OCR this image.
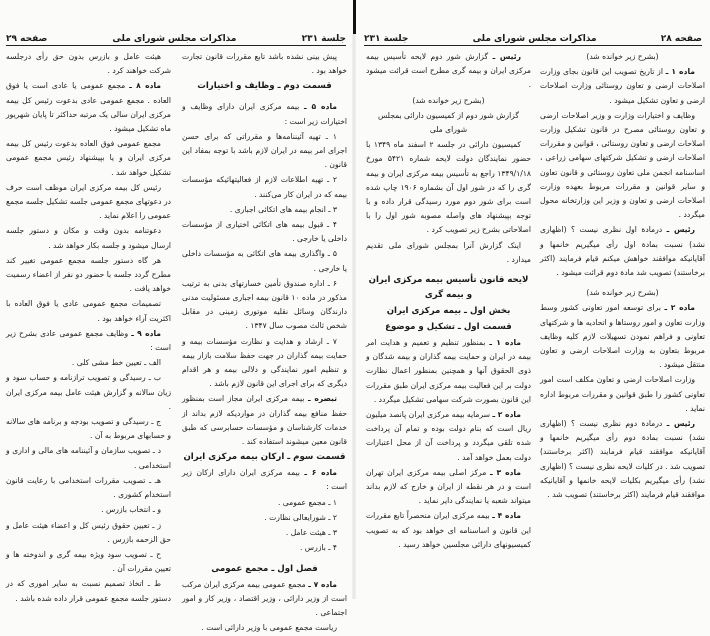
جلسة ۲۳۱
مذاکرات مجلس شورای ملی
صفحه ۲۹

پیش بینی نشده باشد تابع مقررات قانون تجارت خواهد بود .

قسمت دوم ـ وظایف و اختیارات

ماده ۵ ـ بیمه مرکزی ایران دارای وظایف و اختیارات زیر است :

۱ ـ تهیه آئیننامه‌ها و مقرراتی که برای حسن اجرای امر بیمه در ایران لازم باشد با توجه بمفاد این قانون .

۲ ـ تهیه اطلاعات لازم از فعالیتهائیکه مؤسسات بیمه که در ایران کار می‌کنند .

۳ ـ انجام بیمه های اتکائی اجباری .

۴ ـ قبول بیمه های اتکائی اختیاری از مؤسسات داخلی یا خارجی .

۵ ـ واگذاری بیمه های اتکائی به مؤسسات داخلی یا خارجی .

۶ ـ اداره صندوق تأمین خسارتهای بدنی به ترتیب مذکور در ماده ۱۰ قانون بیمه اجباری مسئولیت مدنی دارندگان وسائل نقلیه موتوری زمینی در مقابل شخص ثالث مصوب سال ۱۳۴۷ .

۷ ـ ارشاد و هدایت و نظارت مؤسسات بیمه و حمایت بیمه گذاران در جهت حفظ سلامت بازار بیمه و تنظیم امور نمایندگی و دلالی بیمه و هر اقدام دیگری که برای اجرای این قانون لازم باشد .

تبصره ـ بیمه مرکزی ایران مجاز است بمنظور حفظ منافع بیمه گذاران در مواردیکه لازم بداند از خدمات کارشناسان و مؤسسات حسابرسی که طبق قانون معین میشوند استفاده کند .

قسمت سوم ـ ارکان بیمه مرکزی ایران

ماده ۶ ـ بیمه مرکزی ایران دارای ارکان زیر است :

۱ ـ مجمع عمومی .

۲ ـ شورایعالی نظارت .

۳ ـ هیئت عامل .

۴ ـ بازرس .

فصل اول ـ مجمع عمومی

ماده ۷ ـ مجمع عمومی بیمه مرکزی ایران مرکب است از وزیر دارائی ، وزیر اقتصاد ، وزیر کار و امور اجتماعی .

ریاست مجمع عمومی با وزیر دارائی است .

هیئت عامل و بازرس بدون حق رأی درجلسه شرکت خواهند کرد .

ماده ۸ ـ مجمع عمومی یا عادی است یا فوق العاده . مجمع عمومی عادی بدعوت رئیس کل بیمه مرکزی ایران سالی یک مرتبه حداکثر تا پایان شهریور ماه تشکیل میشود .

مجمع عمومی فوق العاده بدعوت رئیس کل بیمه مرکزی ایران و یا بپیشنهاد رئیس مجمع عمومی تشکیل خواهد شد .

رئیس کل بیمه مرکزی ایران موظف است حرف در دعوتهای مجمع عمومی جلسه تشکیل جلسه مجمع عمومی را اعلام نماید .

دعوتنامه بدون وقت و مکان و دستور جلسه ارسال میشود و جلسه بکار خواهد شد .

هر گاه دستور جلسه مجمع عمومی تغییر کند مطرح گردد جلسه با حضور دو نفر از اعضاء رسمیت خواهد یافت .

تصمیمات مجمع عمومی عادی یا فوق العاده با اکثریت آراء خواهد بود .

ماده ۹ ـ وظایف مجمع عمومی عادی بشرح زیر است :

الف ـ تعیین خط مشی کلی .

ب ـ رسیدگی و تصویب ترازنامه و حساب سود و زیان سالانه و گزارش هیئت عامل بیمه مرکزی ایران .

ج ـ رسیدگی و تصویب بودجه و برنامه های سالانه و حسابهای مربوط به آن .

د ـ تصویب سازمان و آئیننامه های مالی و اداری و استخدامی .

هـ ـ تصویب مقررات استخدامی با رعایت قانون استخدام کشوری .

و ـ انتخاب بازرس .

ز ـ تعیین حقوق رئیس کل و اعضاء هیئت عامل و حق الزحمه بازرس .

ح ـ تصویب سود ویژه بیمه گری و اندوخته ها و تعیین مقررات آن .

ط ـ اتخاذ تصمیم نسبت به سایر اموری که در دستور جلسه مجمع عمومی قرار داده شده باشد .

صفحه ۲۸
مذاکرات مجلس شورای ملی
جلسة ۲۳۱

(بشرح زیر خوانده شد)

ماده ۱ ـ از تاریخ تصویب این قانون بجای وزارت اصلاحات ارضی و تعاون روستائی وزارت اصلاحات ارضی و تعاون تشکیل میشود .

وظایف و اختیارات وزارت و وزیر اصلاحات ارضی و تعاون روستائی مصرح در قانون تشکیل وزارت اصلاحات ارضی و تعاون روستائی ، قوانین و مقررات اصلاحات ارضی و تشکیل شرکتهای سهامی زراعی ، اساسنامه انجمن ملی تعاون روستائی و قانون تعاون و سایر قوانین و مقررات مربوط بعهده وزارت اصلاحات ارضی و تعاون و وزیر این وزارتخانه محول میگردد .

رئیس ـ درمادة اول نظری نیست ؟ (اظهاری نشد) نسبت بمادة اول رأی میگیریم خانمها و آقایانیکه موافقند خواهش میکنم قیام فرمایند (اکثر برخاستند) تصویب شد مادة دوم قرائت میشود .

(بشرح زیر خوانده شد)

ماده ۲ ـ برای توسعه امور تعاونی کشور وسط وزارت تعاون و امور روستاها و اتحادیه ها و شرکتهای تعاونی و فراهم نمودن تسهیلات لازم کلیه وظایف مربوط بتعاون به وزارت اصلاحات ارضی و تعاون منتقل میشود .

وزارت اصلاحات ارضی و تعاون مکلف است امور تعاونی کشور را طبق قوانین و مقررات مربوط اداره نماید .

رئیس ـ درمادة دوم نظری نیست ؟ (اظهاری نشد) نسبت بمادة دوم رأی میگیریم خانمها و آقایانیکه موافقند قیام فرمایند (اکثر برخاستند) تصویب شد . در کلیات لایحه نظری نیست ؟ (اظهاری نشد) رأی میگیریم بکلیات لایحه خانمها و آقایانیکه موافقند قیام فرمایند (اکثر برخاستند) تصویب شد .

رئیس ـ گزارش شور دوم لایحه تأسیس بیمه مرکزی ایران و بیمه گری مطرح است قرائت میشود .

(بشرح زیر خوانده شد)

گزارش شور دوم از کمیسیون دارائی بمجلس شورای ملی

کمیسیون دارائی در جلسه ۲ اسفند ماه ۱۳۴۹ با حضور نمایندگان دولت لایحه شماره ۵۴۲۱ مورخ ۱۳۴۹/۱/۱۸ راجع به تأسیس بیمه مرکزی ایران و بیمه گری را که در شور اول آن بشماره ۱۹۰۶ چاپ شده است برای شور دوم مورد رسیدگی قرار داده و با توجه بپیشنهاد های واصله مصوبه شور اول را با اصلاحاتی بشرح زیر تصویب کرد .

اینک گزارش آنرا بمجلس شورای ملی تقدیم میدارد .

لایحه قانون تأسیس بیمه مرکزی ایران و بیمه گری

بخش اول ـ بیمه مرکزی ایران

قسمت اول ـ تشکیل و موضوع

ماده ۱ ـ بمنظور تنظیم و تعمیم و هدایت امر بیمه در ایران و حمایت بیمه گذاران و بیمه شدگان و ذوی الحقوق آنها و همچنین بمنظور اعمال نظارت دولت بر این فعالیت بیمه مرکزی ایران طبق مقررات این قانون بصورت شرکت سهامی تشکیل میگردد .

ماده ۲ ـ سرمایه بیمه مرکزی ایران پانصد میلیون ریال است که بنام دولت بوده و تمام آن پرداخت شده تلقی میگردد و پرداخت آن از محل اعتبارات دولت بعمل خواهد آمد .

ماده ۳ ـ مرکز اصلی بیمه مرکزی ایران تهران است و در هر نقطه از ایران و خارج که لازم بداند میتواند شعبه یا نمایندگی دایر نماید .

ماده ۴ ـ بیمه مرکزی ایران منحصراً تابع مقررات این قانون و اساسنامه ای خواهد بود که به تصویب کمیسیونهای دارائی مجلسین خواهد رسید .
